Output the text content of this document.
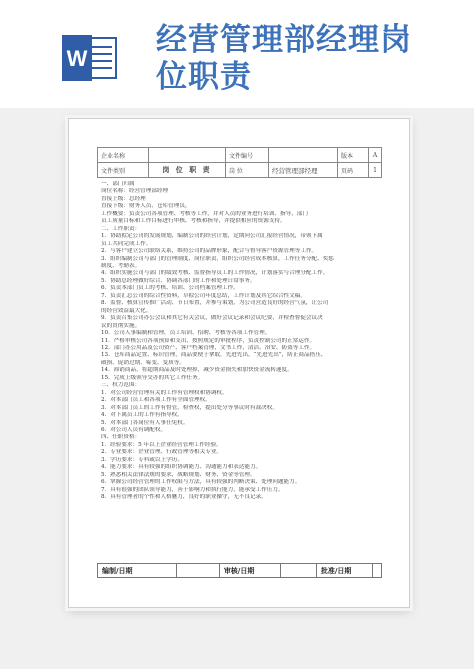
W
经营管理部经理岗
位职责
企业名称		文件编号		版本	A
文件类别	岗 位 职 责	岗 位	经营管理部经理	页码	1
一、部门归属
岗位名称：经营管理部经理
直接上级：总经理
直接下级：财务人员、仓库管理员。
工作概要：负责公司各项管理、考核等工作，并对人员的业务进行培训、指导，部门
员工质量目标和工作目标进行审核、考核和指导，并提供相应的资源支持。
二、工作职责：
1．协助拟定公司的发展规划，编制公司的经营计划，定期向公司汇报经营情况，带领下属
员工共同完成工作。
2．与客户建立公司联络关系，维持公司的品牌形象，配合与督导客户资源管理等工作。
3．组织编制公司与部门的管理制度、岗位职责，组织公司经营成本核算，工作任务分配、奖惩
制度、考勤表。
4．组织实施公司与部门的绩效考核、监督指导员工的工作情况，计划落实与合理分配工作。
5．协助总经理做好综合、协调各部门的工作和处理日常事务。
6．负责本部门员工的考核、培训、公司档案管理工作。
7．负责汇总公司的综合性资料，草拟公司年度总结，工作计划及其它综合性文稿。
8．监督、核算宣传推广活动、节日布置，并参与策划，为公司营造良好的经营气氛，让公司
的经营效益最大化。
9．负责召集公司办公会议和其它有关会议，做好会议记录和会议纪要，并检查督促会议决
议的贯彻实施。
10．公司人事编制和管理，员工培训、招聘、考核等各项工作管理。
11．严格审核公司各项预算和支出，按照规定的审批程序，负责控制公司的正常运作。
12．部门办公用品及公司资产、客户档案管理，文书工作、清洁、治安、防盗等工作。
13．仓库商品定置、标识管理，商品要便于拿取，先进先出，“先进先出”，防止商品搭压、
破损、促销过期、霉变、变质等。
14．滞销商品，将超期商品及时处理掉，减少资金损失和加快资金流转速度。
15．完成上级领导交办的其它工作任务。
三、权力范围：
1．对公司经营管理有关的工作有管理权和协调权。
2．对本部门员工和各项工作有全面管理权。
3．对本部门员工的工作有督管，检查权，提出处分等事议时有裁决权。
4．对下属员工的工作有指导权。
5．对本部门各岗位有人事任免权。
6．对公司人员有调配权。
四、任职资格：
1．经验要求：5 年以上企业经营管理工作经验。
2．专业要求：企业管理、行政管理等相关专业。
3．学历要求：专科或以上学历。
4．能力要求：具有较强的组织协调能力、沟通能力和表达能力。
5．熟悉相关法律法规的要求，战略规划、财务、资金等管理。
6．掌握公司经营管理的工作权限与方法，具有较强的判断决策、处理问题能力。
7．具有很强的团队领导能力，善于影响力和执行能力，能承受工作压力。
8．具有管理者的个性和人格魅力，良好的职业操守，无不良记录。
编制/日期		审核/日期		批准/日期	
